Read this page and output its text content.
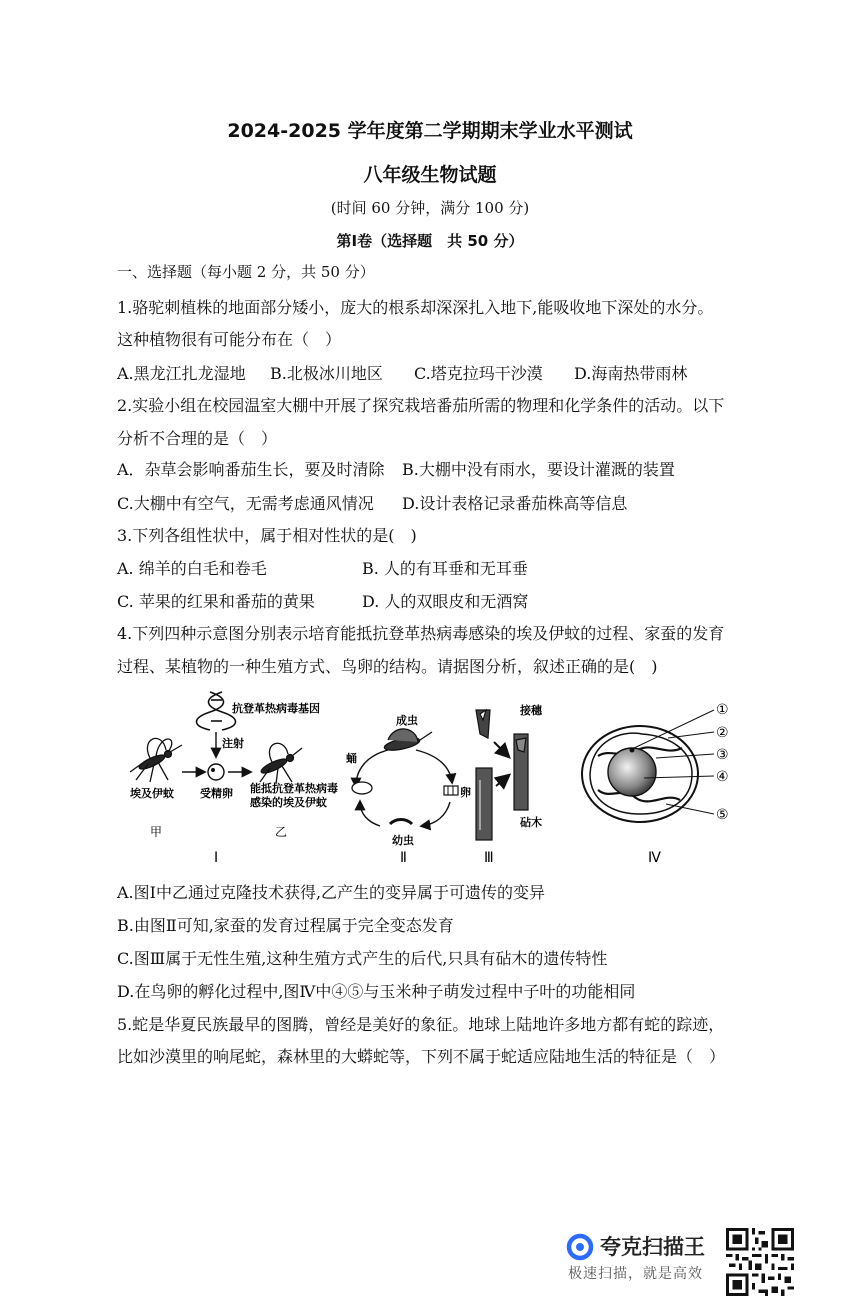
2024-2025 学年度第二学期期末学业水平测试
八年级生物试题
(时间 60 分钟，满分 100 分)
第Ⅰ卷（选择题　共 50 分）
一、选择题（每小题 2 分，共 50 分）
1.骆驼刺植株的地面部分矮小，庞大的根系却深深扎入地下,能吸收地下深处的水分。
这种植物很有可能分布在（　）
A.黑龙江扎龙湿地 B.北极冰川地区 C.塔克拉玛干沙漠 D.海南热带雨林
2.实验小组在校园温室大棚中开展了探究栽培番茄所需的物理和化学条件的活动。以下
分析不合理的是（　）
A．杂草会影响番茄生长，要及时清除 B.大棚中没有雨水，要设计灌溉的装置
C.大棚中有空气，无需考虑通风情况 D.设计表格记录番茄株高等信息
3.下列各组性状中，属于相对性状的是(　)
A. 绵羊的白毛和卷毛	B. 人的有耳垂和无耳垂
C. 苹果的红果和番茄的黄果	D. 人的双眼皮和无酒窝
4.下列四种示意图分别表示培育能抵抗登革热病毒感染的埃及伊蚊的过程、家蚕的发育
过程、某植物的一种生殖方式、鸟卵的结构。请据图分析，叙述正确的是(　)
抗登革热病毒基因
注射
埃及伊蚊 受精卵 能抵抗登革热病毒
感染的埃及伊蚊
甲	乙
Ⅰ
成虫
蛹
卵
幼虫
Ⅱ
接穗
砧木
Ⅲ
①
②
③
④
⑤
Ⅳ
A.图Ⅰ中乙通过克隆技术获得,乙产生的变异属于可遗传的变异
B.由图Ⅱ可知,家蚕的发育过程属于完全变态发育
C.图Ⅲ属于无性生殖,这种生殖方式产生的后代,只具有砧木的遗传特性
D.在鸟卵的孵化过程中,图Ⅳ中④⑤与玉米种子萌发过程中子叶的功能相同
5.蛇是华夏民族最早的图腾，曾经是美好的象征。地球上陆地许多地方都有蛇的踪迹，
比如沙漠里的响尾蛇，森林里的大蟒蛇等，下列不属于蛇适应陆地生活的特征是（　）
夸克扫描王
极速扫描，就是高效
